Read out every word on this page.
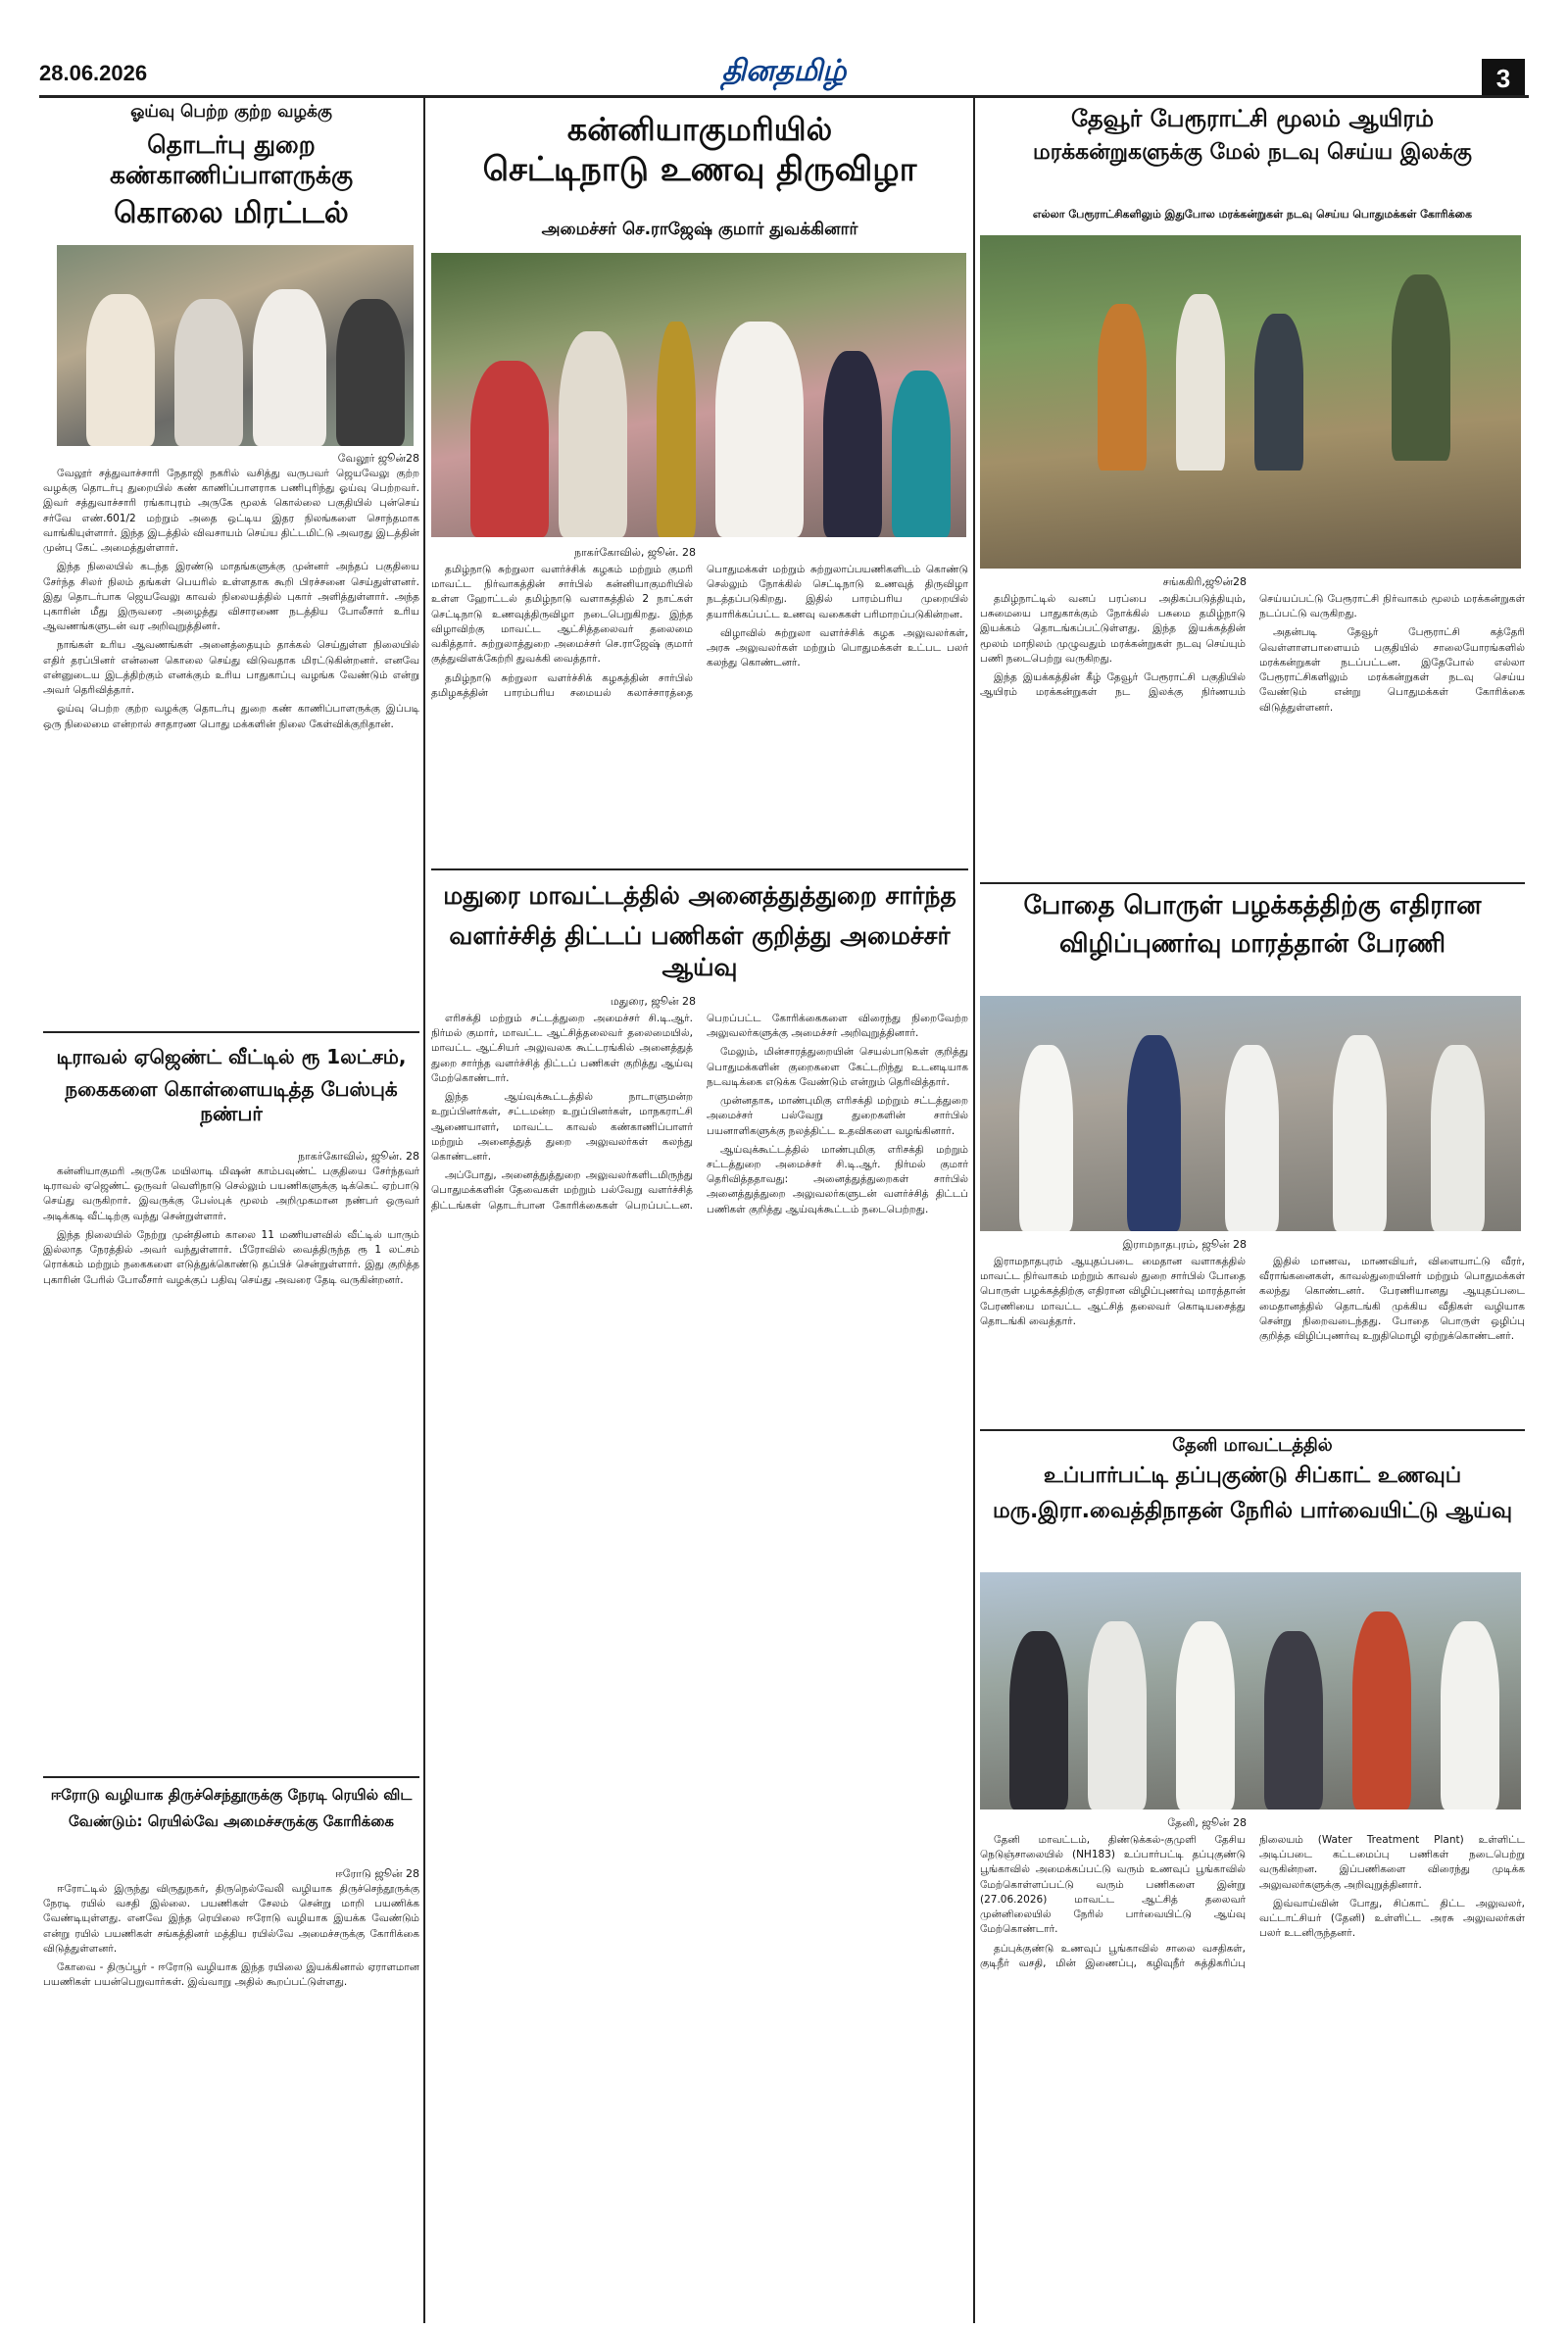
28.06.2026	தினதமிழ்	3
ஓய்வு பெற்ற குற்ற வழக்கு
தொடர்பு துறை கண்காணிப்பாளருக்கு
கொலை மிரட்டல்
வேலூர் ஜூன்28

வேலூர் சத்துவாச்சாரி நேதாஜி நகரில் வசித்து வருபவர் ஜெயவேலு குற்ற வழக்கு தொடர்பு துறையில் கண் காணிப்பாளராக பணிபுரிந்து ஓய்வு பெற்றவர். இவர் சத்துவாச்சாரி ரங்காபுரம் அருகே மூலக் கொல்லை பகுதியில் புன்செய் சர்வே எண்.601/2 மற்றும் அதை ஒட்டிய இதர நிலங்களை சொந்தமாக வாங்கியுள்ளார். இந்த இடத்தில் விவசாயம் செய்ய திட்டமிட்டு அவரது இடத்தின் முன்பு கேட் அமைத்துள்ளார்.

இந்த நிலையில் கடந்த இரண்டு மாதங்களுக்கு முன்னர் அந்தப் பகுதியை சேர்ந்த சிலர் நிலம் தங்கள் பெயரில் உள்ளதாக கூறி பிரச்சனை செய்துள்ளனர். இது தொடர்பாக ஜெயவேலு காவல் நிலையத்தில் புகார் அளித்துள்ளார். அந்த புகாரின் மீது இருவரை அழைத்து விசாரணை நடத்திய போலீசார் உரிய ஆவணங்களுடன் வர அறிவுறுத்தினர்.

நாங்கள் உரிய ஆவணங்கள் அனைத்தையும் தாக்கல் செய்துள்ள நிலையில் எதிர் தரப்பினர் என்னை கொலை செய்து விடுவதாக மிரட்டுகின்றனர். எனவே என்னுடைய இடத்திற்கும் எனக்கும் உரிய பாதுகாப்பு வழங்க வேண்டும் என்று அவர் தெரிவித்தார்.

ஓய்வு பெற்ற குற்ற வழக்கு தொடர்பு துறை கண் காணிப்பாளருக்கு இப்படி ஒரு நிலைமை என்றால் சாதாரண பொது மக்களின் நிலை கேள்விக்குறிதான்.

டிராவல் ஏஜெண்ட் வீட்டில் ரூ 1லட்சம்,
நகைகளை கொள்ளையடித்த பேஸ்புக் நண்பர்
நாகர்கோவில், ஜூன். 28

கன்னியாகுமரி அருகே மயிலாடி மிஷன் காம்பவுண்ட் பகுதியை சேர்ந்தவர் டிராவல் ஏஜெண்ட் ஒருவர் வெளிநாடு செல்லும் பயணிகளுக்கு டிக்கெட் ஏற்பாடு செய்து வருகிறார். இவருக்கு பேஸ்புக் மூலம் அறிமுகமான நண்பர் ஒருவர் அடிக்கடி வீட்டிற்கு வந்து சென்றுள்ளார்.

இந்த நிலையில் நேற்று முன்தினம் காலை 11 மணியளவில் வீட்டில் யாரும் இல்லாத நேரத்தில் அவர் வந்துள்ளார். பீரோவில் வைத்திருந்த ரூ 1 லட்சம் ரொக்கம் மற்றும் நகைகளை எடுத்துக்கொண்டு தப்பிச் சென்றுள்ளார். இது குறித்த புகாரின் பேரில் போலீசார் வழக்குப் பதிவு செய்து அவரை தேடி வருகின்றனர்.

ஈரோடு வழியாக திருச்செந்தூருக்கு நேரடி ரெயில் விட
வேண்டும்: ரெயில்வே அமைச்சருக்கு கோரிக்கை
ஈரோடு ஜூன் 28

ஈரோட்டில் இருந்து விருதுநகர், திருநெல்வேலி வழியாக திருச்செந்தூருக்கு நேரடி ரயில் வசதி இல்லை. பயணிகள் சேலம் சென்று மாறி பயணிக்க வேண்டியுள்ளது. எனவே இந்த ரெயிலை ஈரோடு வழியாக இயக்க வேண்டும் என்று ரயில் பயணிகள் சங்கத்தினர் மத்திய ரயில்வே அமைச்சருக்கு கோரிக்கை விடுத்துள்ளனர்.

கோவை - திருப்பூர் - ஈரோடு வழியாக இந்த ரயிலை இயக்கினால் ஏராளமான பயணிகள் பயன்பெறுவார்கள். இவ்வாறு அதில் கூறப்பட்டுள்ளது.

கன்னியாகுமரியில்
செட்டிநாடு உணவு திருவிழா
அமைச்சர் செ.ராஜேஷ் குமார் துவக்கினார்
நாகர்கோவில், ஜூன். 28

தமிழ்நாடு சுற்றுலா வளர்ச்சிக் கழகம் மற்றும் குமரி மாவட்ட நிர்வாகத்தின் சார்பில் கன்னியாகுமரியில் உள்ள ஹோட்டல் தமிழ்நாடு வளாகத்தில் 2 நாட்கள் செட்டிநாடு உணவுத்திருவிழா நடைபெறுகிறது. இந்த விழாவிற்கு மாவட்ட ஆட்சித்தலைவர் தலைமை வகித்தார். சுற்றுலாத்துறை அமைச்சர் செ.ராஜேஷ் குமார் குத்துவிளக்கேற்றி துவக்கி வைத்தார்.

தமிழ்நாடு சுற்றுலா வளர்ச்சிக் கழகத்தின் சார்பில் தமிழகத்தின் பாரம்பரிய சமையல் கலாச்சாரத்தை பொதுமக்கள் மற்றும் சுற்றுலாப்பயணிகளிடம் கொண்டு செல்லும் நோக்கில் செட்டிநாடு உணவுத் திருவிழா நடத்தப்படுகிறது. இதில் பாரம்பரிய முறையில் தயாரிக்கப்பட்ட உணவு வகைகள் பரிமாறப்படுகின்றன.

விழாவில் சுற்றுலா வளர்ச்சிக் கழக அலுவலர்கள், அரசு அலுவலர்கள் மற்றும் பொதுமக்கள் உட்பட பலர் கலந்து கொண்டனர்.

மதுரை மாவட்டத்தில் அனைத்துத்துறை சார்ந்த
வளர்ச்சித் திட்டப் பணிகள் குறித்து அமைச்சர் ஆய்வு
மதுரை, ஜூன் 28

எரிசக்தி மற்றும் சட்டத்துறை அமைச்சர் சி.டி.ஆர். நிர்மல் குமார், மாவட்ட ஆட்சித்தலைவர் தலைமையில், மாவட்ட ஆட்சியர் அலுவலக கூட்டரங்கில் அனைத்துத் துறை சார்ந்த வளர்ச்சித் திட்டப் பணிகள் குறித்து ஆய்வு மேற்கொண்டார்.

இந்த ஆய்வுக்கூட்டத்தில் நாடாளுமன்ற உறுப்பினர்கள், சட்டமன்ற உறுப்பினர்கள், மாநகராட்சி ஆணையாளர், மாவட்ட காவல் கண்காணிப்பாளர் மற்றும் அனைத்துத் துறை அலுவலர்கள் கலந்து கொண்டனர்.

அப்போது, அனைத்துத்துறை அலுவலர்களிடமிருந்து பொதுமக்களின் தேவைகள் மற்றும் பல்வேறு வளர்ச்சித் திட்டங்கள் தொடர்பான கோரிக்கைகள் பெறப்பட்டன. பெறப்பட்ட கோரிக்கைகளை விரைந்து நிறைவேற்ற அலுவலர்களுக்கு அமைச்சர் அறிவுறுத்தினார்.

மேலும், மின்சாரத்துறையின் செயல்பாடுகள் குறித்து பொதுமக்களின் குறைகளை கேட்டறிந்து உடனடியாக நடவடிக்கை எடுக்க வேண்டும் என்றும் தெரிவித்தார்.

முன்னதாக, மாண்புமிகு எரிசக்தி மற்றும் சட்டத்துறை அமைச்சர் பல்வேறு துறைகளின் சார்பில் பயனாளிகளுக்கு நலத்திட்ட உதவிகளை வழங்கினார்.

ஆய்வுக்கூட்டத்தில் மாண்புமிகு எரிசக்தி மற்றும் சட்டத்துறை அமைச்சர் சி.டி.ஆர். நிர்மல் குமார் தெரிவித்ததாவது: அனைத்துத்துறைகள் சார்பில் அனைத்துத்துறை அலுவலர்களுடன் வளர்ச்சித் திட்டப் பணிகள் குறித்து ஆய்வுக்கூட்டம் நடைபெற்றது.

தேவூர் பேரூராட்சி மூலம் ஆயிரம்
மரக்கன்றுகளுக்கு மேல் நடவு செய்ய இலக்கு
எல்லா பேரூராட்சிகளிலும் இதுபோல மரக்கன்றுகள் நடவு செய்ய பொதுமக்கள் கோரிக்கை
சங்ககிரி,ஜூன்28

தமிழ்நாட்டில் வனப் பரப்பை அதிகப்படுத்தியும், பசுமையை பாதுகாக்கும் நோக்கில் பசுமை தமிழ்நாடு இயக்கம் தொடங்கப்பட்டுள்ளது. இந்த இயக்கத்தின் மூலம் மாநிலம் முழுவதும் மரக்கன்றுகள் நடவு செய்யும் பணி நடைபெற்று வருகிறது.

இந்த இயக்கத்தின் கீழ் தேவூர் பேரூராட்சி பகுதியில் ஆயிரம் மரக்கன்றுகள் நட இலக்கு நிர்ணயம் செய்யப்பட்டு பேரூராட்சி நிர்வாகம் மூலம் மரக்கன்றுகள் நடப்பட்டு வருகிறது.

அதன்படி தேவூர் பேரூராட்சி கத்தேரி வெள்ளாளபாளையம் பகுதியில் சாலையோரங்களில் மரக்கன்றுகள் நடப்பட்டன. இதேபோல் எல்லா பேரூராட்சிகளிலும் மரக்கன்றுகள் நடவு செய்ய வேண்டும் என்று பொதுமக்கள் கோரிக்கை விடுத்துள்ளனர்.

போதை பொருள் பழக்கத்திற்கு எதிரான
விழிப்புணர்வு மாரத்தான் பேரணி
இராமநாதபுரம், ஜூன் 28

இராமநாதபுரம் ஆயுதப்படை மைதான வளாகத்தில் மாவட்ட நிர்வாகம் மற்றும் காவல் துறை சார்பில் போதை பொருள் பழக்கத்திற்கு எதிரான விழிப்புணர்வு மாரத்தான் பேரணியை மாவட்ட ஆட்சித் தலைவர் கொடியசைத்து தொடங்கி வைத்தார்.

இதில் மாணவ, மாணவியர், விளையாட்டு வீரர், வீராங்கனைகள், காவல்துறையினர் மற்றும் பொதுமக்கள் கலந்து கொண்டனர். பேரணியானது ஆயுதப்படை மைதானத்தில் தொடங்கி முக்கிய வீதிகள் வழியாக சென்று நிறைவடைந்தது. போதை பொருள் ஒழிப்பு குறித்த விழிப்புணர்வு உறுதிமொழி ஏற்றுக்கொண்டனர்.

தேனி மாவட்டத்தில்
உப்பார்பட்டி தப்புகுண்டு சிப்காட் உணவுப்
மரு.இரா.வைத்திநாதன் நேரில் பார்வையிட்டு ஆய்வு
தேனி, ஜூன் 28

தேனி மாவட்டம், திண்டுக்கல்-குமுளி தேசிய நெடுஞ்சாலையில் (NH183) உப்பார்பட்டி தப்புகுண்டு பூங்காவில் அமைக்கப்பட்டு வரும் உணவுப் பூங்காவில் மேற்கொள்ளப்பட்டு வரும் பணிகளை இன்று (27.06.2026) மாவட்ட ஆட்சித் தலைவர் முன்னிலையில் நேரில் பார்வையிட்டு ஆய்வு மேற்கொண்டார்.

தப்புக்குண்டு உணவுப் பூங்காவில் சாலை வசதிகள், குடிநீர் வசதி, மின் இணைப்பு, கழிவுநீர் சுத்திகரிப்பு நிலையம் (Water Treatment Plant) உள்ளிட்ட அடிப்படை கட்டமைப்பு பணிகள் நடைபெற்று வருகின்றன. இப்பணிகளை விரைந்து முடிக்க அலுவலர்களுக்கு அறிவுறுத்தினார்.

இவ்வாய்வின் போது, சிப்காட் திட்ட அலுவலர், வட்டாட்சியர் (தேனி) உள்ளிட்ட அரசு அலுவலர்கள் பலர் உடனிருந்தனர்.
